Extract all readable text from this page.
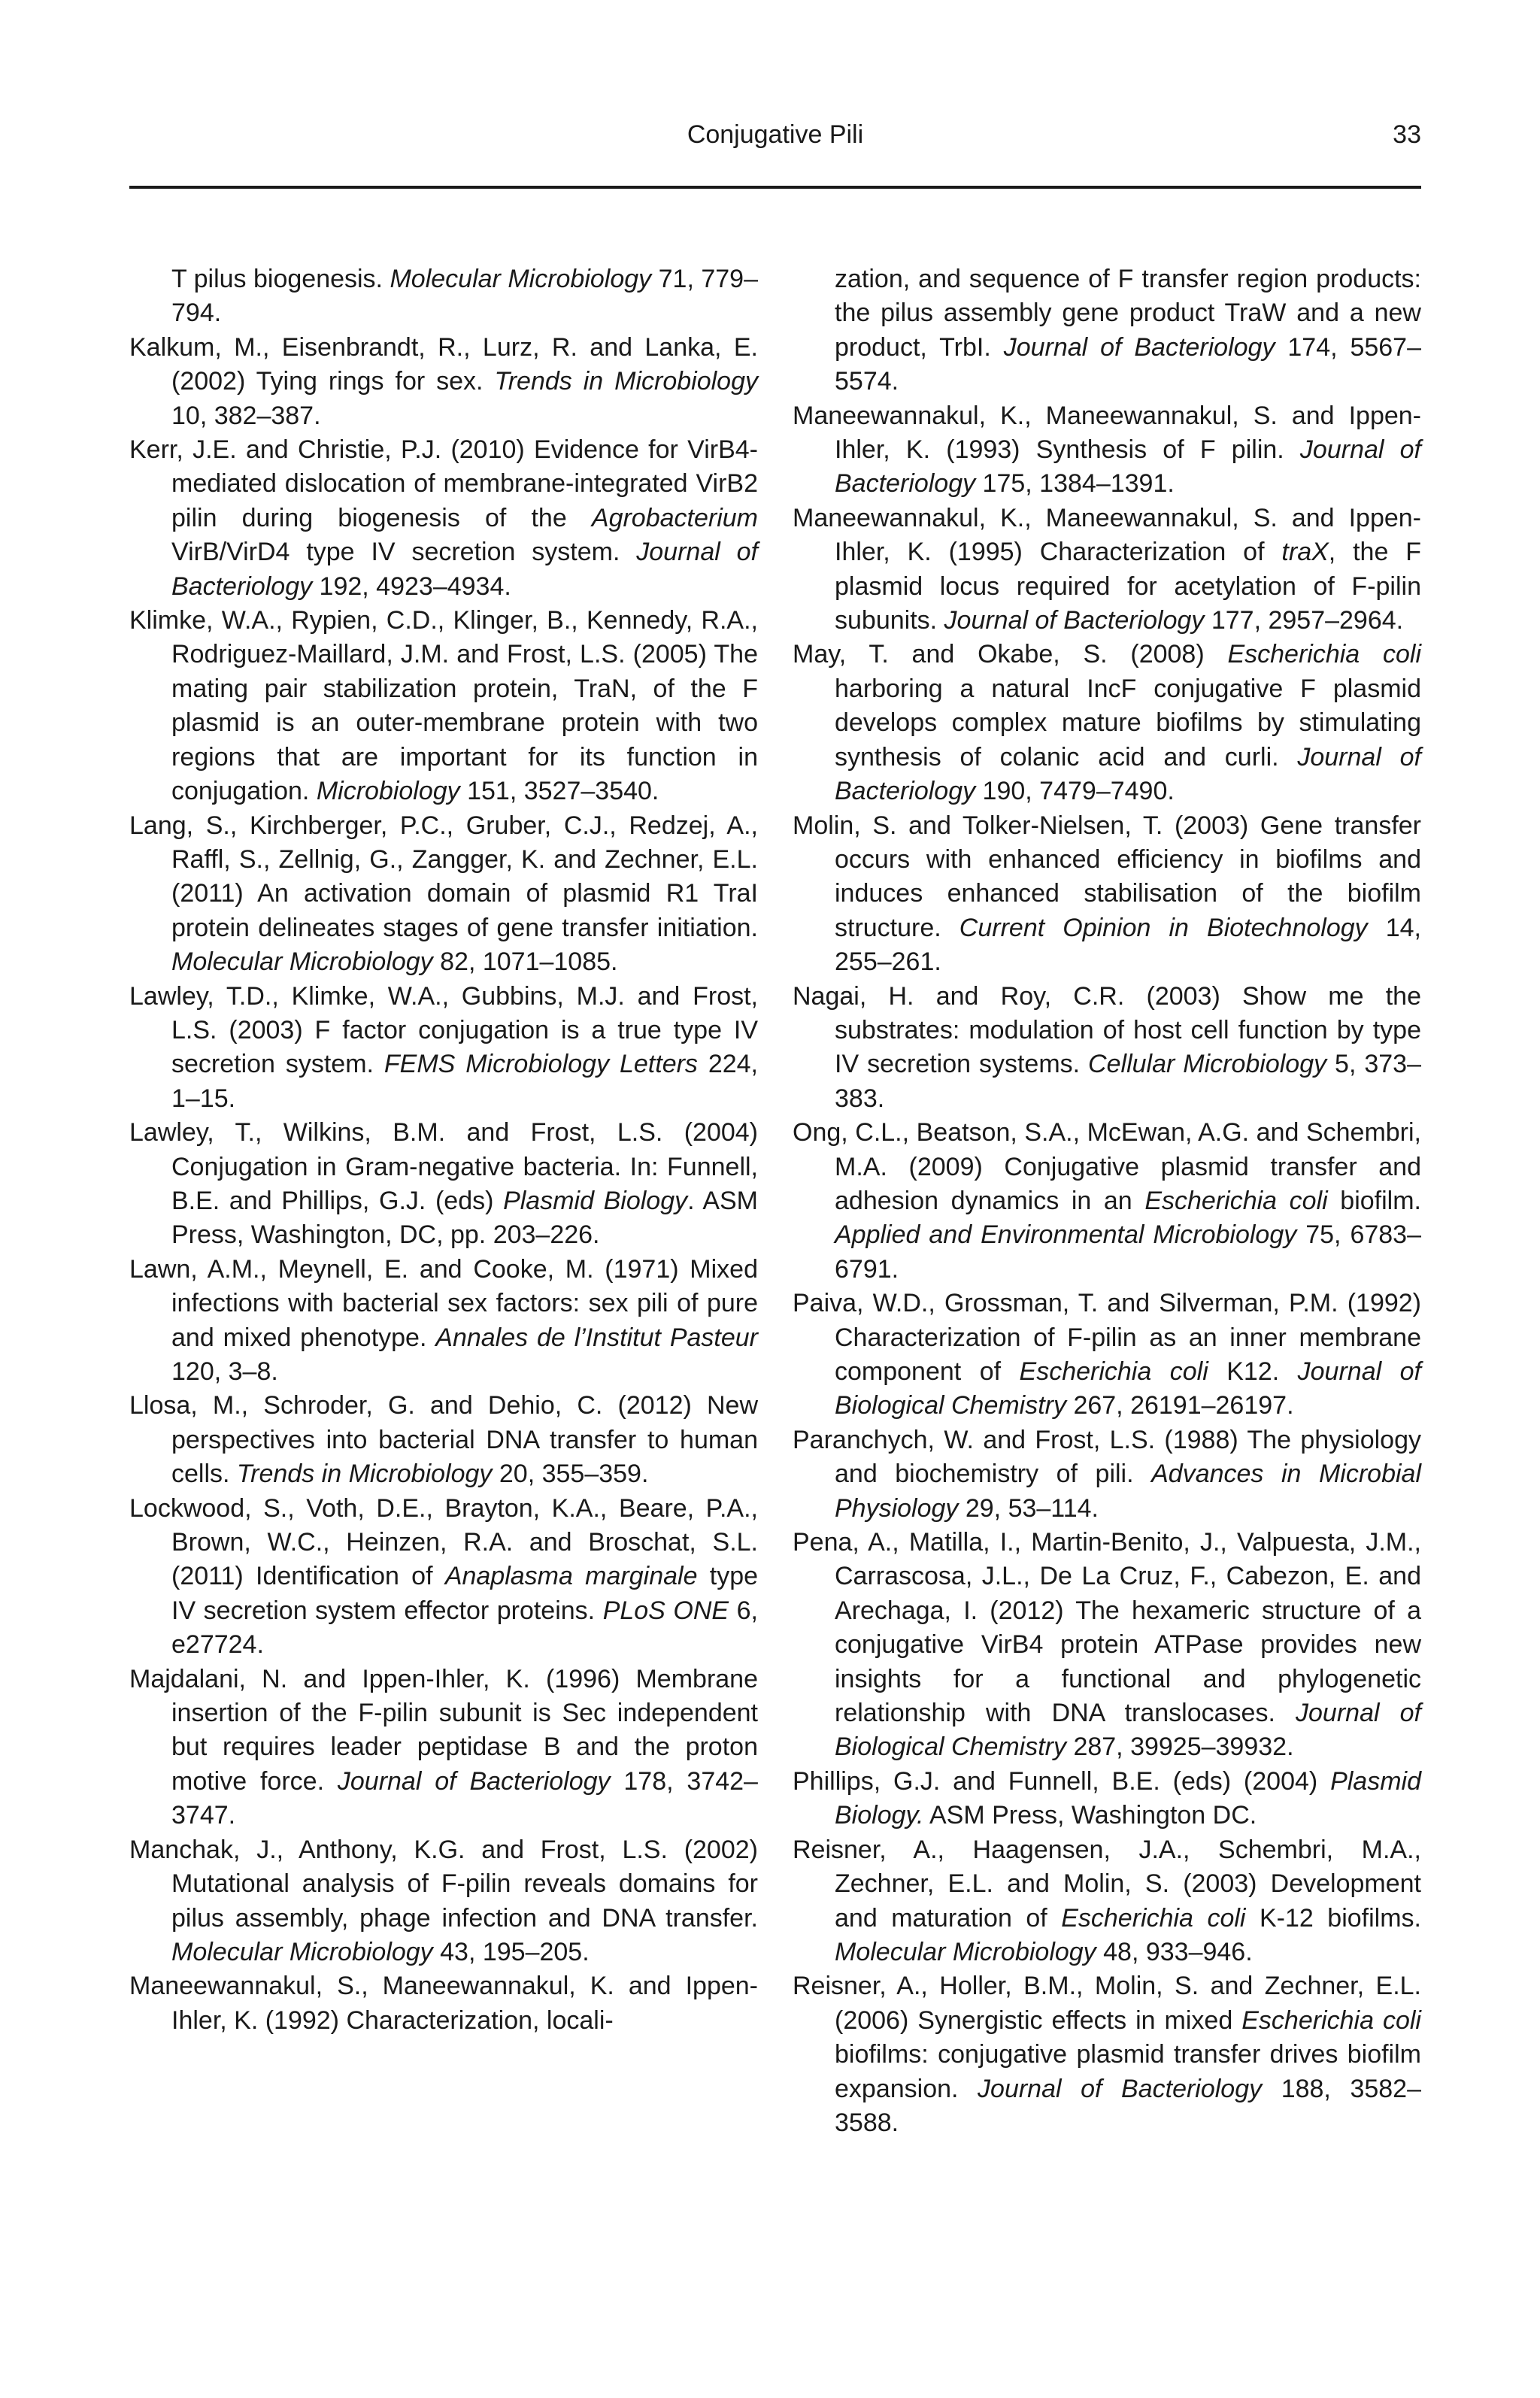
Conjugative Pili	33

T pilus biogenesis. Molecular Microbiology 71, 779–794.

Kalkum, M., Eisenbrandt, R., Lurz, R. and Lanka, E. (2002) Tying rings for sex. Trends in Microbiology 10, 382–387.

Kerr, J.E. and Christie, P.J. (2010) Evidence for VirB4-mediated dislocation of membrane-integrated VirB2 pilin during biogenesis of the Agrobacterium VirB/VirD4 type IV secretion system. Journal of Bacteriology 192, 4923–4934.

Klimke, W.A., Rypien, C.D., Klinger, B., Kennedy, R.A., Rodriguez-Maillard, J.M. and Frost, L.S. (2005) The mating pair stabilization protein, TraN, of the F plasmid is an outer-membrane protein with two regions that are important for its function in conjugation. Microbiology 151, 3527–3540.

Lang, S., Kirchberger, P.C., Gruber, C.J., Redzej, A., Raffl, S., Zellnig, G., Zangger, K. and Zechner, E.L. (2011) An activation domain of plasmid R1 TraI protein delineates stages of gene transfer initiation. Molecular Microbiology 82, 1071–1085.

Lawley, T.D., Klimke, W.A., Gubbins, M.J. and Frost, L.S. (2003) F factor conjugation is a true type IV secretion system. FEMS Microbiology Letters 224, 1–15.

Lawley, T., Wilkins, B.M. and Frost, L.S. (2004) Conjugation in Gram-negative bacteria. In: Funnell, B.E. and Phillips, G.J. (eds) Plasmid Biology. ASM Press, Washington, DC, pp. 203–226.

Lawn, A.M., Meynell, E. and Cooke, M. (1971) Mixed infections with bacterial sex factors: sex pili of pure and mixed phenotype. Annales de l’Institut Pasteur 120, 3–8.

Llosa, M., Schroder, G. and Dehio, C. (2012) New perspectives into bacterial DNA transfer to human cells. Trends in Microbiology 20, 355–359.

Lockwood, S., Voth, D.E., Brayton, K.A., Beare, P.A., Brown, W.C., Heinzen, R.A. and Broschat, S.L. (2011) Identification of Anaplasma marginale type IV secretion system effector proteins. PLoS ONE 6, e27724.

Majdalani, N. and Ippen-Ihler, K. (1996) Membrane insertion of the F-pilin subunit is Sec independent but requires leader peptidase B and the proton motive force. Journal of Bacteriology 178, 3742–3747.

Manchak, J., Anthony, K.G. and Frost, L.S. (2002) Mutational analysis of F-pilin reveals domains for pilus assembly, phage infection and DNA transfer. Molecular Microbiology 43, 195–205.

Maneewannakul, S., Maneewannakul, K. and Ippen-Ihler, K. (1992) Characterization, locali-

zation, and sequence of F transfer region products: the pilus assembly gene product TraW and a new product, TrbI. Journal of Bacteriology 174, 5567–5574.

Maneewannakul, K., Maneewannakul, S. and Ippen-Ihler, K. (1993) Synthesis of F pilin. Journal of Bacteriology 175, 1384–1391.

Maneewannakul, K., Maneewannakul, S. and Ippen-Ihler, K. (1995) Characterization of traX, the F plasmid locus required for acetylation of F-pilin subunits. Journal of Bacteriology 177, 2957–2964.

May, T. and Okabe, S. (2008) Escherichia coli harboring a natural IncF conjugative F plasmid develops complex mature biofilms by stimulating synthesis of colanic acid and curli. Journal of Bacteriology 190, 7479–7490.

Molin, S. and Tolker-Nielsen, T. (2003) Gene transfer occurs with enhanced efficiency in biofilms and induces enhanced stabilisation of the biofilm structure. Current Opinion in Biotechnology 14, 255–261.

Nagai, H. and Roy, C.R. (2003) Show me the substrates: modulation of host cell function by type IV secretion systems. Cellular Microbiology 5, 373–383.

Ong, C.L., Beatson, S.A., McEwan, A.G. and Schembri, M.A. (2009) Conjugative plasmid transfer and adhesion dynamics in an Escherichia coli biofilm. Applied and Environmental Microbiology 75, 6783–6791.

Paiva, W.D., Grossman, T. and Silverman, P.M. (1992) Characterization of F-pilin as an inner membrane component of Escherichia coli K12. Journal of Biological Chemistry 267, 26191–26197.

Paranchych, W. and Frost, L.S. (1988) The physiology and biochemistry of pili. Advances in Microbial Physiology 29, 53–114.

Pena, A., Matilla, I., Martin-Benito, J., Valpuesta, J.M., Carrascosa, J.L., De La Cruz, F., Cabezon, E. and Arechaga, I. (2012) The hexameric structure of a conjugative VirB4 protein ATPase provides new insights for a functional and phylogenetic relationship with DNA translocases. Journal of Biological Chemistry 287, 39925–39932.

Phillips, G.J. and Funnell, B.E. (eds) (2004) Plasmid Biology. ASM Press, Washington DC.

Reisner, A., Haagensen, J.A., Schembri, M.A., Zechner, E.L. and Molin, S. (2003) Development and maturation of Escherichia coli K-12 biofilms. Molecular Microbiology 48, 933–946.

Reisner, A., Holler, B.M., Molin, S. and Zechner, E.L. (2006) Synergistic effects in mixed Escherichia coli biofilms: conjugative plasmid transfer drives biofilm expansion. Journal of Bacteriology 188, 3582–3588.
